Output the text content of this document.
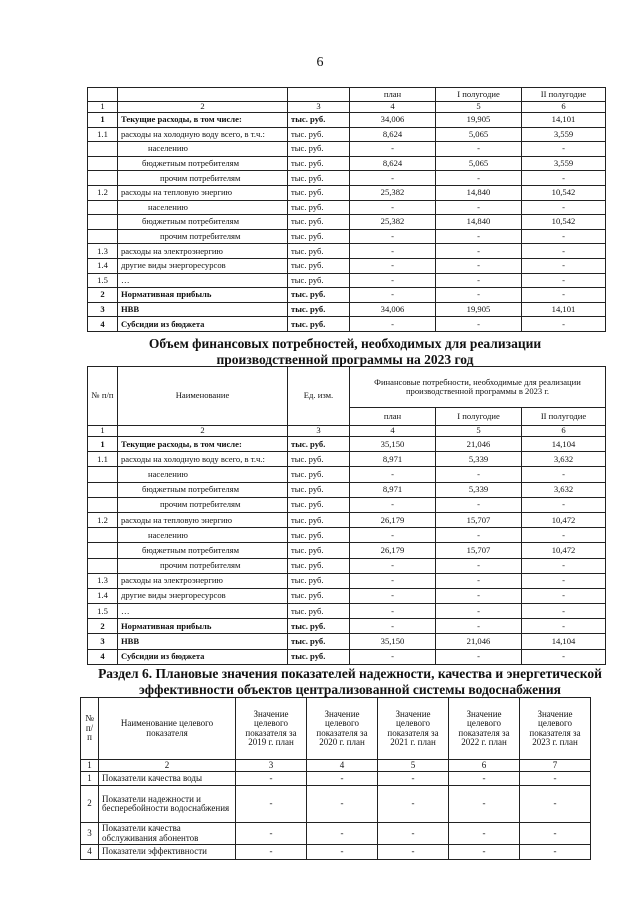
6
			план	I полугодие	II полугодие
1	2	3	4	5	6
1	Текущие расходы, в том числе:	тыс. руб.	34,006	19,905	14,101
1.1	расходы на холодную воду всего, в т.ч.:	тыс. руб.	8,624	5,065	3,559
	населению	тыс. руб.	-	-	-
	бюджетным потребителям	тыс. руб.	8,624	5,065	3,559
	прочим потребителям	тыс. руб.	-	-	-
1.2	расходы на тепловую энергию	тыс. руб.	25,382	14,840	10,542
	населению	тыс. руб.	-	-	-
	бюджетным потребителям	тыс. руб.	25,382	14,840	10,542
	прочим потребителям	тыс. руб.	-	-	-
1.3	расходы на электроэнергию	тыс. руб.	-	-	-
1.4	другие виды энергоресурсов	тыс. руб.	-	-	-
1.5	…	тыс. руб.	-	-	-
2	Нормативная прибыль	тыс. руб.	-	-	-
3	НВВ	тыс. руб.	34,006	19,905	14,101
4	Субсидии из бюджета	тыс. руб.	-	-	-
Объем финансовых потребностей, необходимых для реализации
производственной программы на 2023 год
№ п/п	Наименование	Ед. изм.	Финансовые потребности, необходимые для реализации производственной программы в 2023 г.		
			план	I полугодие	II полугодие
1	2	3	4	5	6
1	Текущие расходы, в том числе:	тыс. руб.	35,150	21,046	14,104
1.1	расходы на холодную воду всего, в т.ч.:	тыс. руб.	8,971	5,339	3,632
	населению	тыс. руб.	-	-	-
	бюджетным потребителям	тыс. руб.	8,971	5,339	3,632
	прочим потребителям	тыс. руб.	-	-	-
1.2	расходы на тепловую энергию	тыс. руб.	26,179	15,707	10,472
	населению	тыс. руб.	-	-	-
	бюджетным потребителям	тыс. руб.	26,179	15,707	10,472
	прочим потребителям	тыс. руб.	-	-	-
1.3	расходы на электроэнергию	тыс. руб.	-	-	-
1.4	другие виды энергоресурсов	тыс. руб.	-	-	-
1.5	…	тыс. руб.	-	-	-
2	Нормативная прибыль	тыс. руб.	-	-	-
3	НВВ	тыс. руб.	35,150	21,046	14,104
4	Субсидии из бюджета	тыс. руб.	-	-	-
Раздел 6. Плановые значения показателей надежности, качества и энергетической
эффективности объектов централизованной системы водоснабжения
№ п/п	Наименование целевого показателя	Значение целевого показателя за 2019 г. план	Значение целевого показателя за 2020 г. план	Значение целевого показателя за 2021 г. план	Значение целевого показателя за 2022 г. план	Значение целевого показателя за 2023 г. план
1	2	3	4	5	6	7
1	Показатели качества воды	-	-	-	-	-
2	Показатели надежности и бесперебойности водоснабжения	-	-	-	-	-
3	Показатели качества обслуживания абонентов	-	-	-	-	-
4	Показатели эффективности	-	-	-	-	-
